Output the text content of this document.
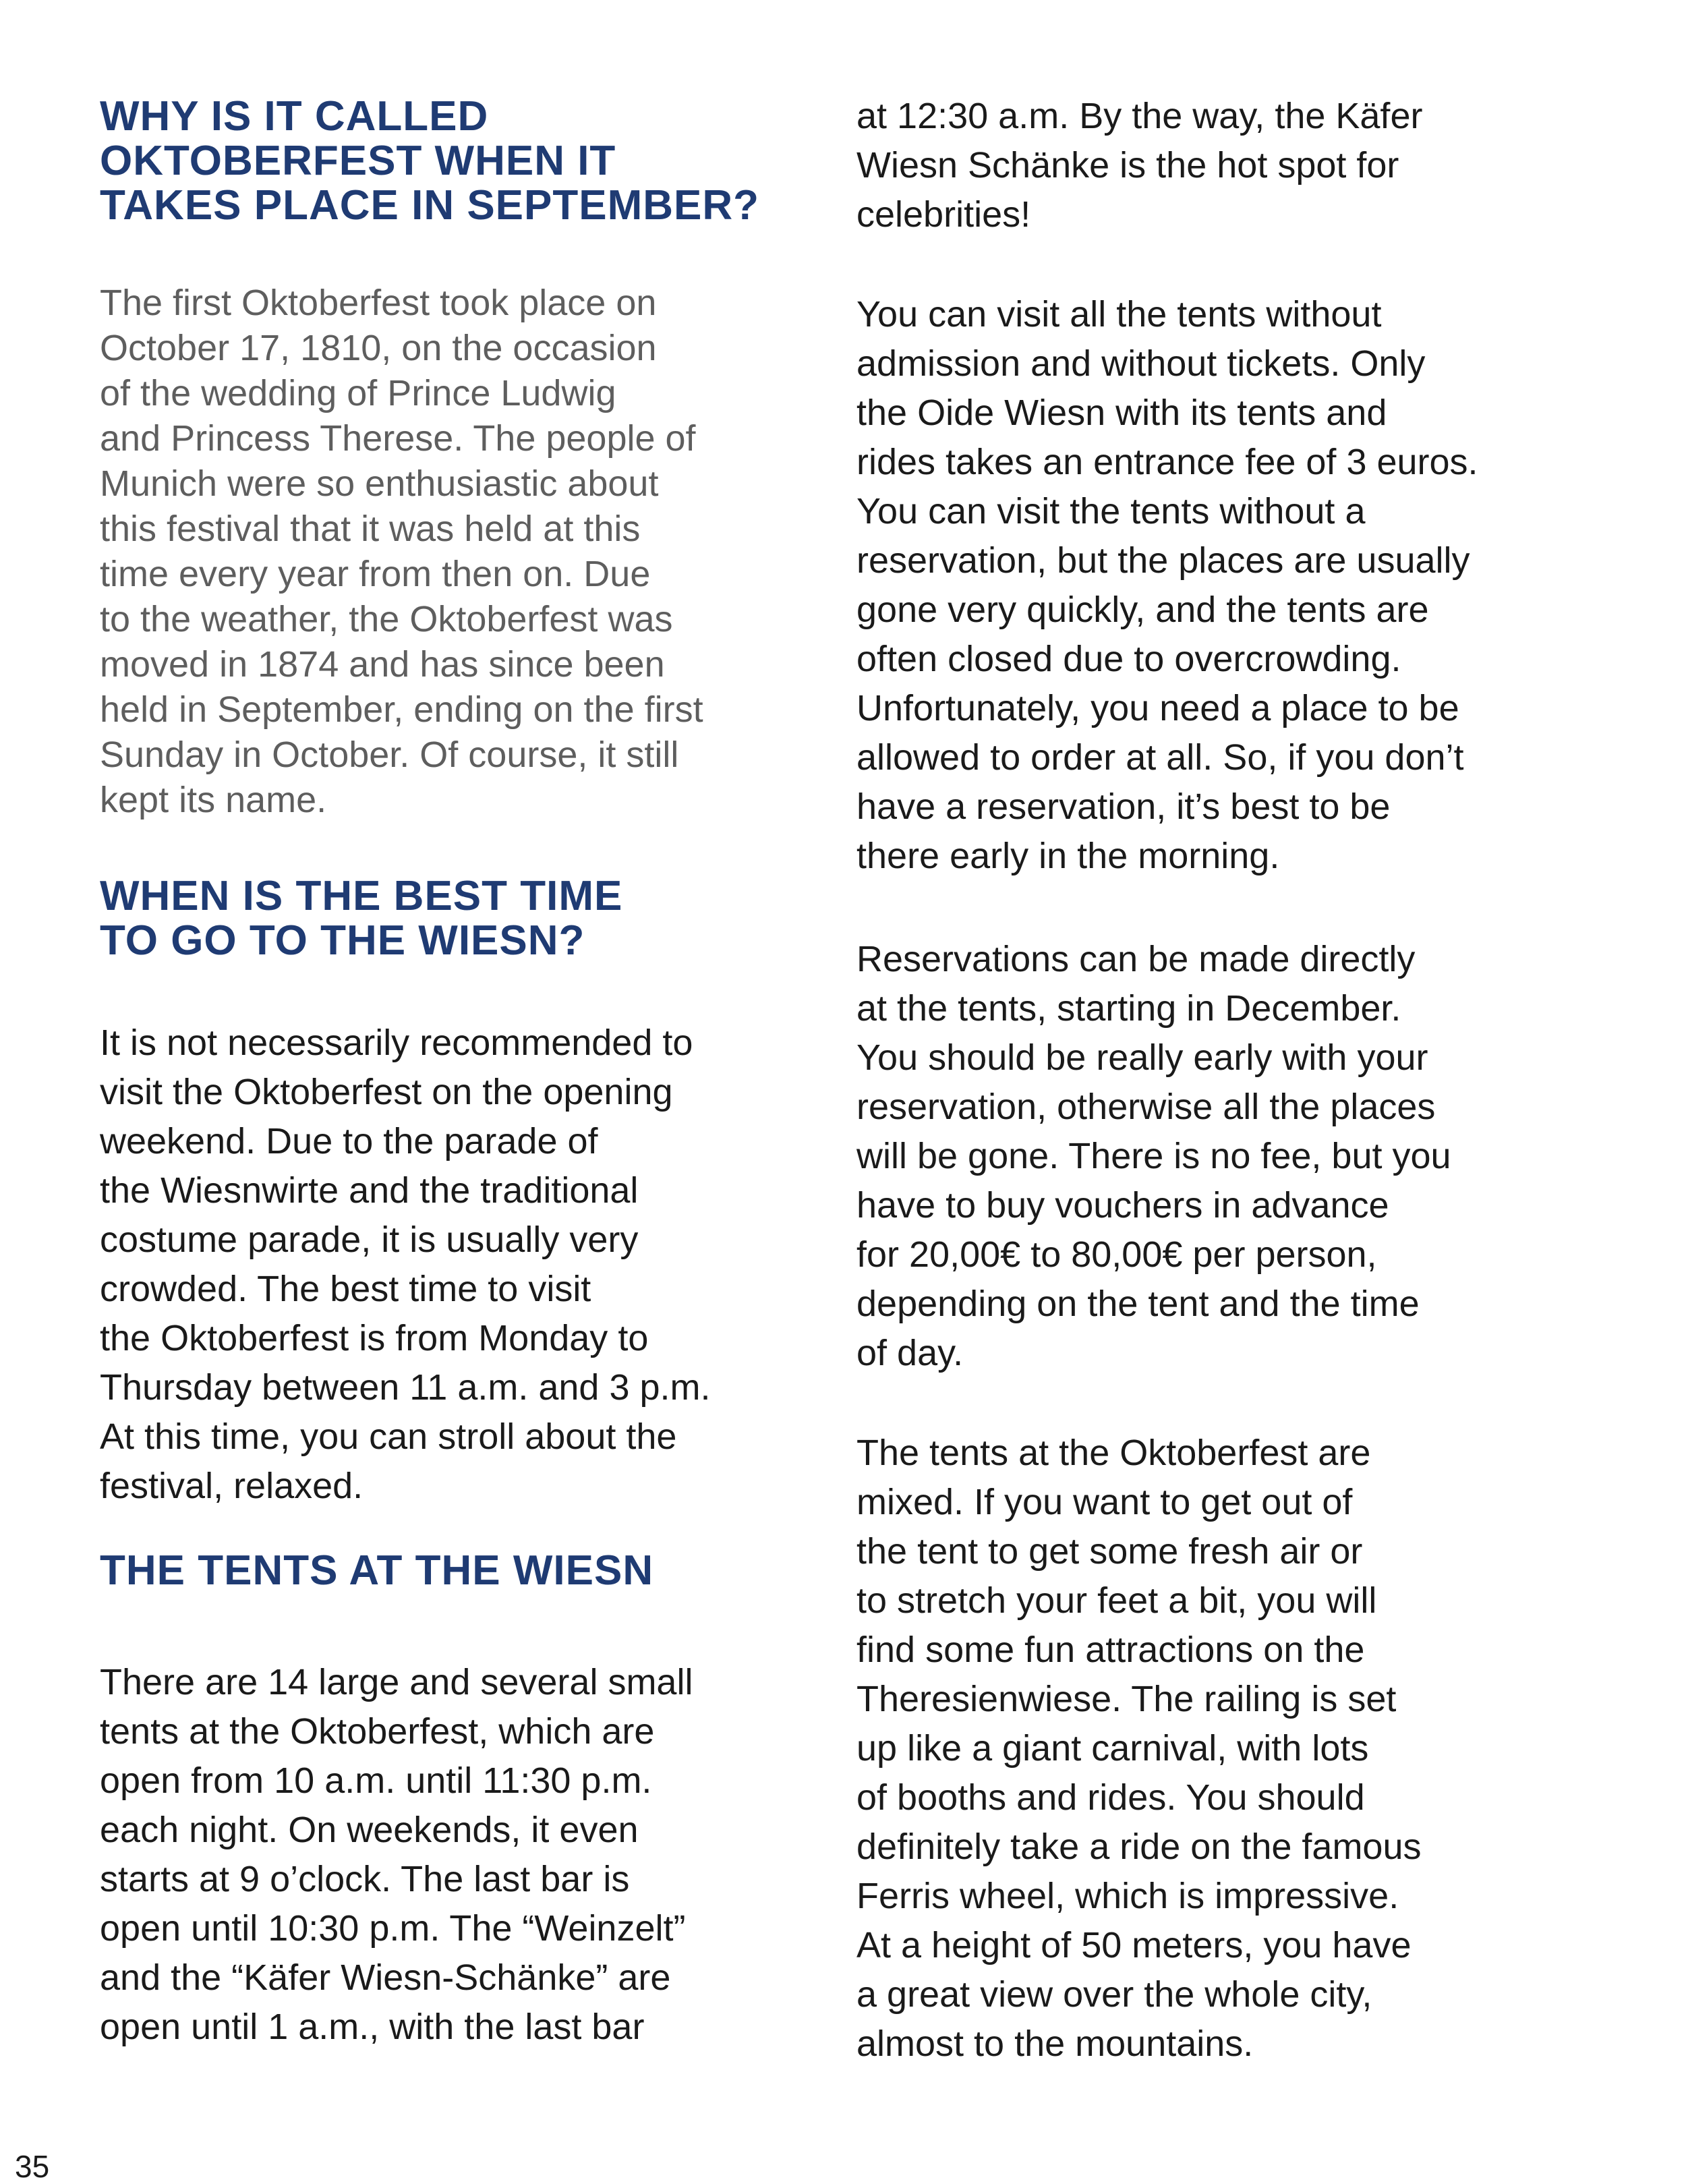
WHY IS IT CALLED
OKTOBERFEST WHEN IT
TAKES PLACE IN SEPTEMBER?

The first Oktoberfest took place on
October 17, 1810, on the occasion
of the wedding of Prince Ludwig
and Princess Therese. The people of
Munich were so enthusiastic about
this festival that it was held at this
time every year from then on. Due
to the weather, the Oktoberfest was
moved in 1874 and has since been
held in September, ending on the first
Sunday in October. Of course, it still
kept its name.

WHEN IS THE BEST TIME
TO GO TO THE WIESN?

It is not necessarily recommended to
visit the Oktoberfest on the opening
weekend. Due to the parade of
the Wiesnwirte and the traditional
costume parade, it is usually very
crowded. The best time to visit
the Oktoberfest is from Monday to
Thursday between 11 a.m. and 3 p.m.
At this time, you can stroll about the
festival, relaxed.

THE TENTS AT THE WIESN

There are 14 large and several small
tents at the Oktoberfest, which are
open from 10 a.m. until 11:30 p.m.
each night. On weekends, it even
starts at 9 o’clock. The last bar is
open until 10:30 p.m. The “Weinzelt”
and the “Käfer Wiesn-Schänke” are
open until 1 a.m., with the last bar

at 12:30 a.m. By the way, the Käfer
Wiesn Schänke is the hot spot for
celebrities!

You can visit all the tents without
admission and without tickets. Only
the Oide Wiesn with its tents and
rides takes an entrance fee of 3 euros.
You can visit the tents without a
reservation, but the places are usually
gone very quickly, and the tents are
often closed due to overcrowding.
Unfortunately, you need a place to be
allowed to order at all. So, if you don’t
have a reservation, it’s best to be
there early in the morning.

Reservations can be made directly
at the tents, starting in December.
You should be really early with your
reservation, otherwise all the places
will be gone. There is no fee, but you
have to buy vouchers in advance
for 20,00€ to 80,00€ per person,
depending on the tent and the time
of day.

The tents at the Oktoberfest are
mixed. If you want to get out of
the tent to get some fresh air or
to stretch your feet a bit, you will
find some fun attractions on the
Theresienwiese. The railing is set
up like a giant carnival, with lots
of booths and rides. You should
definitely take a ride on the famous
Ferris wheel, which is impressive.
At a height of 50 meters, you have
a great view over the whole city,
almost to the mountains.

35
